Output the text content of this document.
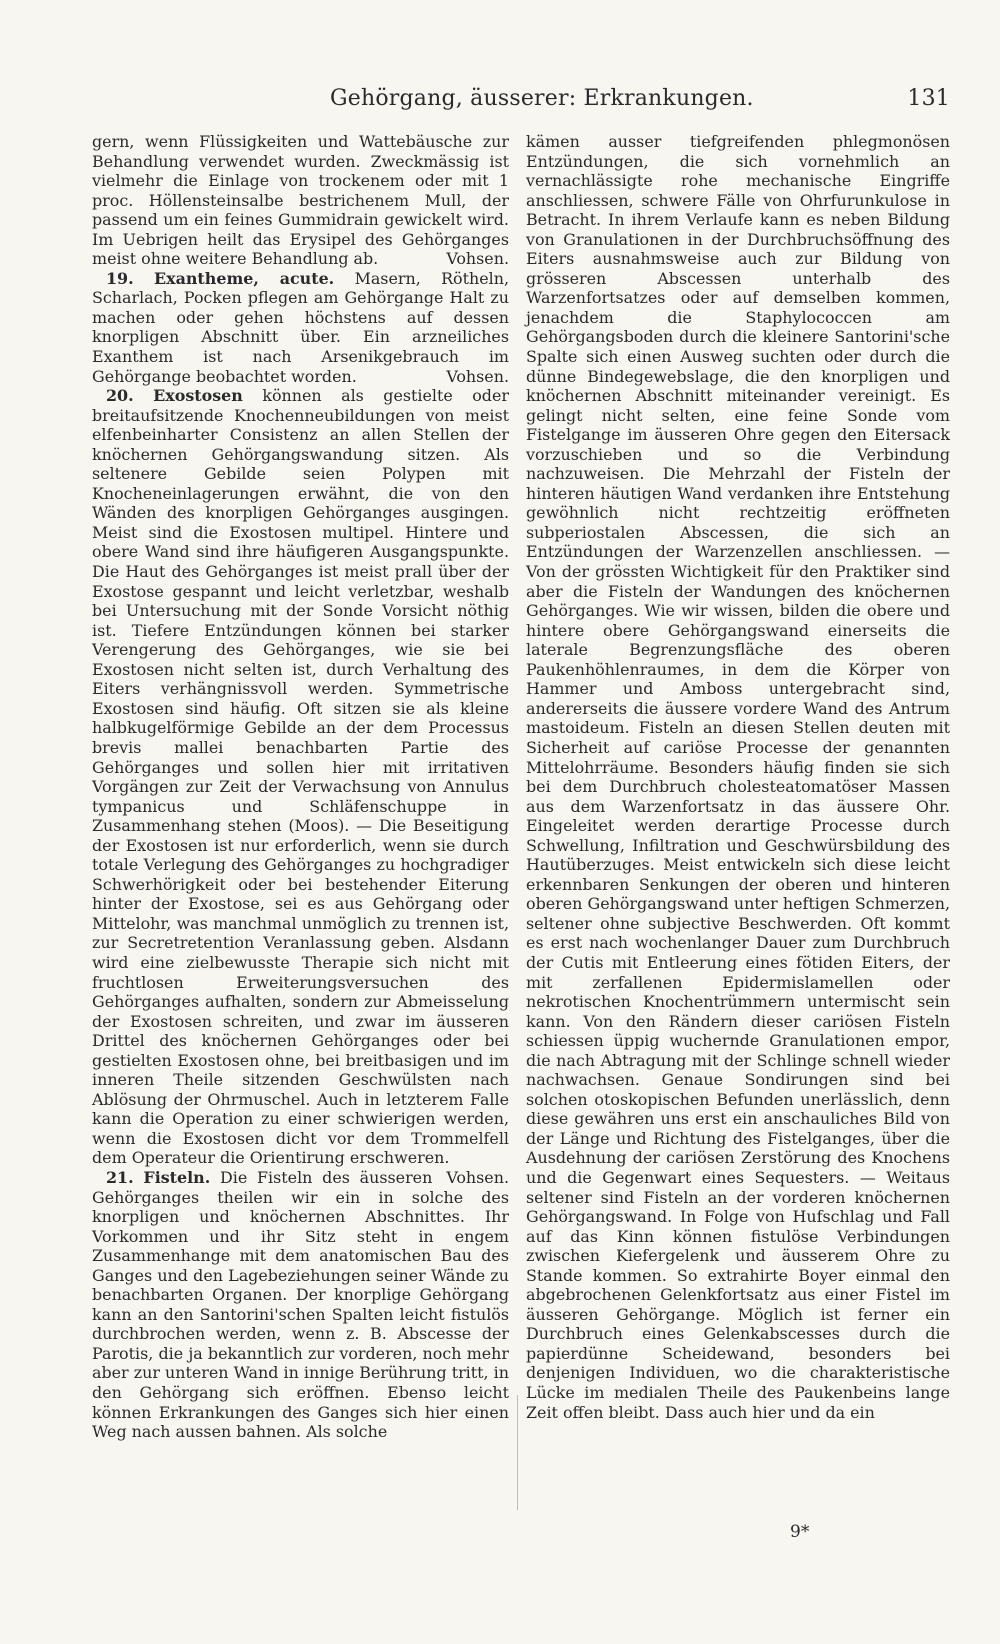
Gehörgang, äusserer: Erkrankungen.	131

gern, wenn Flüssigkeiten und Wattebäusche zur Behandlung verwendet wurden. Zweckmässig ist vielmehr die Einlage von trockenem oder mit 1 proc. Höllensteinsalbe bestrichenem Mull, der passend um ein feines Gummidrain gewickelt wird. Im Uebrigen heilt das Erysipel des Gehörganges meist ohne weitere Behandlung ab.	Vohsen.

19. Exantheme, acute. Masern, Rötheln, Scharlach, Pocken pflegen am Gehörgange Halt zu machen oder gehen höchstens auf dessen knorpligen Abschnitt über. Ein arzneiliches Exanthem ist nach Arsenikgebrauch im Gehörgange beobachtet worden.	Vohsen.

20. Exostosen können als gestielte oder breitaufsitzende Knochenneubildungen von meist elfenbeinharter Consistenz an allen Stellen der knöchernen Gehörgangswandung sitzen. Als seltenere Gebilde seien Polypen mit Knocheneinlagerungen erwähnt, die von den Wänden des knorpligen Gehörganges ausgingen. Meist sind die Exostosen multipel. Hintere und obere Wand sind ihre häufigeren Ausgangspunkte. Die Haut des Gehörganges ist meist prall über der Exostose gespannt und leicht verletzbar, weshalb bei Untersuchung mit der Sonde Vorsicht nöthig ist. Tiefere Entzündungen können bei starker Verengerung des Gehörganges, wie sie bei Exostosen nicht selten ist, durch Verhaltung des Eiters verhängnissvoll werden. Symmetrische Exostosen sind häufig. Oft sitzen sie als kleine halbkugelförmige Gebilde an der dem Processus brevis mallei benachbarten Partie des Gehörganges und sollen hier mit irritativen Vorgängen zur Zeit der Verwachsung von Annulus tympanicus und Schläfenschuppe in Zusammenhang stehen (Moos). — Die Beseitigung der Exostosen ist nur erforderlich, wenn sie durch totale Verlegung des Gehörganges zu hochgradiger Schwerhörigkeit oder bei bestehender Eiterung hinter der Exostose, sei es aus Gehörgang oder Mittelohr, was manchmal unmöglich zu trennen ist, zur Secretretention Veranlassung geben. Alsdann wird eine zielbewusste Therapie sich nicht mit fruchtlosen Erweiterungsversuchen des Gehörganges aufhalten, sondern zur Abmeisselung der Exostosen schreiten, und zwar im äusseren Drittel des knöchernen Gehörganges oder bei gestielten Exostosen ohne, bei breitbasigen und im inneren Theile sitzenden Geschwülsten nach Ablösung der Ohrmuschel. Auch in letzterem Falle kann die Operation zu einer schwierigen werden, wenn die Exostosen dicht vor dem Trommelfell dem Operateur die Orientirung erschweren.
Vohsen.

21. Fisteln. Die Fisteln des äusseren Gehörganges theilen wir ein in solche des knorpligen und knöchernen Abschnittes. Ihr Vorkommen und ihr Sitz steht in engem Zusammenhange mit dem anatomischen Bau des Ganges und den Lagebeziehungen seiner Wände zu benachbarten Organen. Der knorplige Gehörgang kann an den Santorini'schen Spalten leicht fistulös durchbrochen werden, wenn z. B. Abscesse der Parotis, die ja bekanntlich zur vorderen, noch mehr aber zur unteren Wand in innige Berührung tritt, in den Gehörgang sich eröffnen. Ebenso leicht können Erkrankungen des Ganges sich hier einen Weg nach aussen bahnen. Als solche

kämen ausser tiefgreifenden phlegmonösen Entzündungen, die sich vornehmlich an vernachlässigte rohe mechanische Eingriffe anschliessen, schwere Fälle von Ohrfurunkulose in Betracht. In ihrem Verlaufe kann es neben Bildung von Granulationen in der Durchbruchsöffnung des Eiters ausnahmsweise auch zur Bildung von grösseren Abscessen unterhalb des Warzenfortsatzes oder auf demselben kommen, jenachdem die Staphylococcen am Gehörgangsboden durch die kleinere Santorini'sche Spalte sich einen Ausweg suchten oder durch die dünne Bindegewebslage, die den knorpligen und knöchernen Abschnitt miteinander vereinigt. Es gelingt nicht selten, eine feine Sonde vom Fistelgange im äusseren Ohre gegen den Eitersack vorzuschieben und so die Verbindung nachzuweisen. Die Mehrzahl der Fisteln der hinteren häutigen Wand verdanken ihre Entstehung gewöhnlich nicht rechtzeitig eröffneten subperiostalen Abscessen, die sich an Entzündungen der Warzenzellen anschliessen. — Von der grössten Wichtigkeit für den Praktiker sind aber die Fisteln der Wandungen des knöchernen Gehörganges. Wie wir wissen, bilden die obere und hintere obere Gehörgangswand einerseits die laterale Begrenzungsfläche des oberen Paukenhöhlenraumes, in dem die Körper von Hammer und Amboss untergebracht sind, andererseits die äussere vordere Wand des Antrum mastoideum. Fisteln an diesen Stellen deuten mit Sicherheit auf cariöse Processe der genannten Mittelohrräume. Besonders häufig finden sie sich bei dem Durchbruch cholesteatomatöser Massen aus dem Warzenfortsatz in das äussere Ohr. Eingeleitet werden derartige Processe durch Schwellung, Infiltration und Geschwürsbildung des Hautüberzuges. Meist entwickeln sich diese leicht erkennbaren Senkungen der oberen und hinteren oberen Gehörgangswand unter heftigen Schmerzen, seltener ohne subjective Beschwerden. Oft kommt es erst nach wochenlanger Dauer zum Durchbruch der Cutis mit Entleerung eines fötiden Eiters, der mit zerfallenen Epidermislamellen oder nekrotischen Knochentrümmern untermischt sein kann. Von den Rändern dieser cariösen Fisteln schiessen üppig wuchernde Granulationen empor, die nach Abtragung mit der Schlinge schnell wieder nachwachsen. Genaue Sondirungen sind bei solchen otoskopischen Befunden unerlässlich, denn diese gewähren uns erst ein anschauliches Bild von der Länge und Richtung des Fistelganges, über die Ausdehnung der cariösen Zerstörung des Knochens und die Gegenwart eines Sequesters. — Weitaus seltener sind Fisteln an der vorderen knöchernen Gehörgangswand. In Folge von Hufschlag und Fall auf das Kinn können fistulöse Verbindungen zwischen Kiefergelenk und äusserem Ohre zu Stande kommen. So extrahirte Boyer einmal den abgebrochenen Gelenkfortsatz aus einer Fistel im äusseren Gehörgange. Möglich ist ferner ein Durchbruch eines Gelenkabscesses durch die papierdünne Scheidewand, besonders bei denjenigen Individuen, wo die charakteristische Lücke im medialen Theile des Paukenbeins lange Zeit offen bleibt. Dass auch hier und da ein

9*
